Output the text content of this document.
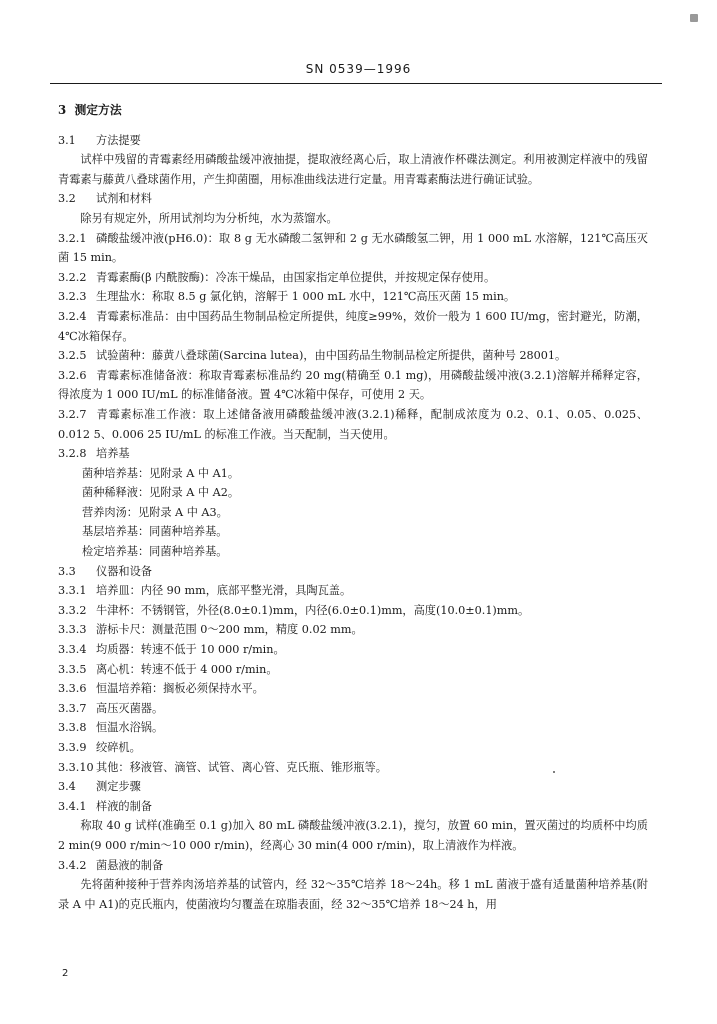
SN 0539—1996
3 测定方法
3.1 方法提要
试样中残留的青霉素经用磷酸盐缓冲液抽提，提取液经离心后，取上清液作杯碟法测定。利用被测定样液中的残留青霉素与藤黄八叠球菌作用，产生抑菌圈，用标准曲线法进行定量。用青霉素酶法进行确证试验。
3.2 试剂和材料
除另有规定外，所用试剂均为分析纯，水为蒸馏水。
3.2.1 磷酸盐缓冲液(pH6.0)：取 8 g 无水磷酸二氢钾和 2 g 无水磷酸氢二钾，用 1 000 mL 水溶解，121℃高压灭菌 15 min。
3.2.2 青霉素酶(β 内酰胺酶)：冷冻干燥品，由国家指定单位提供，并按规定保存使用。
3.2.3 生理盐水：称取 8.5 g 氯化钠，溶解于 1 000 mL 水中，121℃高压灭菌 15 min。
3.2.4 青霉素标准品：由中国药品生物制品检定所提供，纯度≥99%，效价一般为 1 600 IU/mg，密封避光，防潮，4℃冰箱保存。
3.2.5 试验菌种：藤黄八叠球菌(Sarcina lutea)，由中国药品生物制品检定所提供，菌种号 28001。
3.2.6 青霉素标准储备液：称取青霉素标准品约 20 mg(精确至 0.1 mg)，用磷酸盐缓冲液(3.2.1)溶解并稀释定容，得浓度为 1 000 IU/mL 的标准储备液。置 4℃冰箱中保存，可使用 2 天。
3.2.7 青霉素标准工作液：取上述储备液用磷酸盐缓冲液(3.2.1)稀释，配制成浓度为 0.2、0.1、0.05、0.025、0.012 5、0.006 25 IU/mL 的标准工作液。当天配制，当天使用。
3.2.8 培养基
菌种培养基：见附录 A 中 A1。
菌种稀释液：见附录 A 中 A2。
营养肉汤：见附录 A 中 A3。
基层培养基：同菌种培养基。
检定培养基：同菌种培养基。
3.3 仪器和设备
3.3.1 培养皿：内径 90 mm，底部平整光滑，具陶瓦盖。
3.3.2 牛津杯：不锈钢管，外径(8.0±0.1)mm，内径(6.0±0.1)mm，高度(10.0±0.1)mm。
3.3.3 游标卡尺：测量范围 0～200 mm，精度 0.02 mm。
3.3.4 均质器：转速不低于 10 000 r/min。
3.3.5 离心机：转速不低于 4 000 r/min。
3.3.6 恒温培养箱：搁板必须保持水平。
3.3.7 高压灭菌器。
3.3.8 恒温水浴锅。
3.3.9 绞碎机。
3.3.10 其他：移液管、滴管、试管、离心管、克氏瓶、锥形瓶等。
3.4 测定步骤
3.4.1 样液的制备
称取 40 g 试样(准确至 0.1 g)加入 80 mL 磷酸盐缓冲液(3.2.1)，搅匀，放置 60 min，置灭菌过的均质杯中均质 2 min(9 000 r/min～10 000 r/min)，经离心 30 min(4 000 r/min)，取上清液作为样液。
3.4.2 菌悬液的制备
先将菌种接种于营养肉汤培养基的试管内，经 32～35℃培养 18～24h。移 1 mL 菌液于盛有适量菌种培养基(附录 A 中 A1)的克氏瓶内，使菌液均匀覆盖在琼脂表面，经 32～35℃培养 18～24 h，用
2
